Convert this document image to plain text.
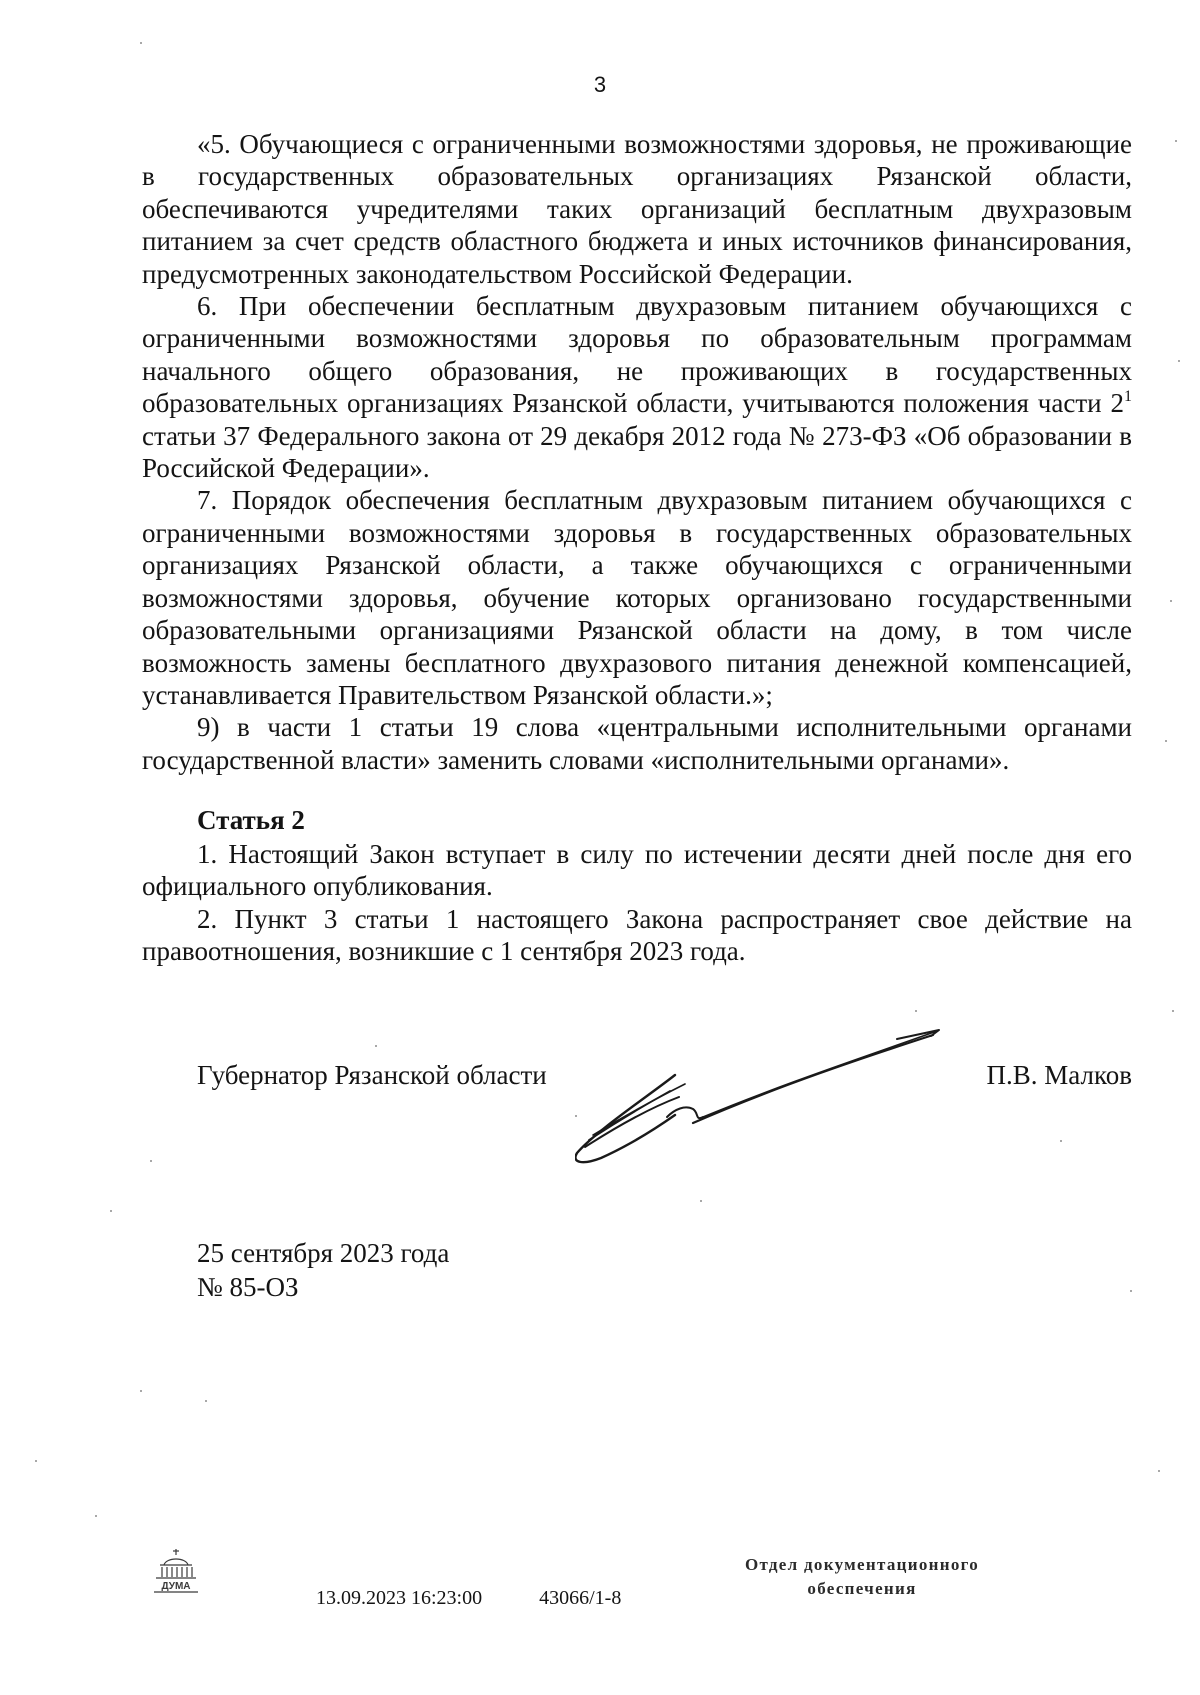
3

«5. Обучающиеся с ограниченными возможностями здоровья, не проживающие в государственных образовательных организациях Рязанской области, обеспечиваются учредителями таких организаций бесплатным двухразовым питанием за счет средств областного бюджета и иных источников финансирования, предусмотренных законодательством Российской Федерации.

6. При обеспечении бесплатным двухразовым питанием обучающихся с ограниченными возможностями здоровья по образовательным программам начального общего образования, не проживающих в государственных образовательных организациях Рязанской области, учитываются положения части $2^1$ статьи 37 Федерального закона от 29 декабря 2012 года № 273-ФЗ «Об образовании в Российской Федерации».

7. Порядок обеспечения бесплатным двухразовым питанием обучающихся с ограниченными возможностями здоровья в государственных образовательных организациях Рязанской области, а также обучающихся с ограниченными возможностями здоровья, обучение которых организовано государственными образовательными организациями Рязанской области на дому, в том числе возможность замены бесплатного двухразового питания денежной компенсацией, устанавливается Правительством Рязанской области.»;

9) в части 1 статьи 19 слова «центральными исполнительными органами государственной власти» заменить словами «исполнительными органами».

Статья 2

1. Настоящий Закон вступает в силу по истечении десяти дней после дня его официального опубликования.

2. Пункт 3 статьи 1 настоящего Закона распространяет свое действие на правоотношения, возникшие с 1 сентября 2023 года.

Губернатор Рязанской области	П.В. Малков
25 сентября 2023 года
№ 85-ОЗ
ДУМА
13.09.2023 16:23:00	43066/1-8
Отдел документационного
обеспечения
